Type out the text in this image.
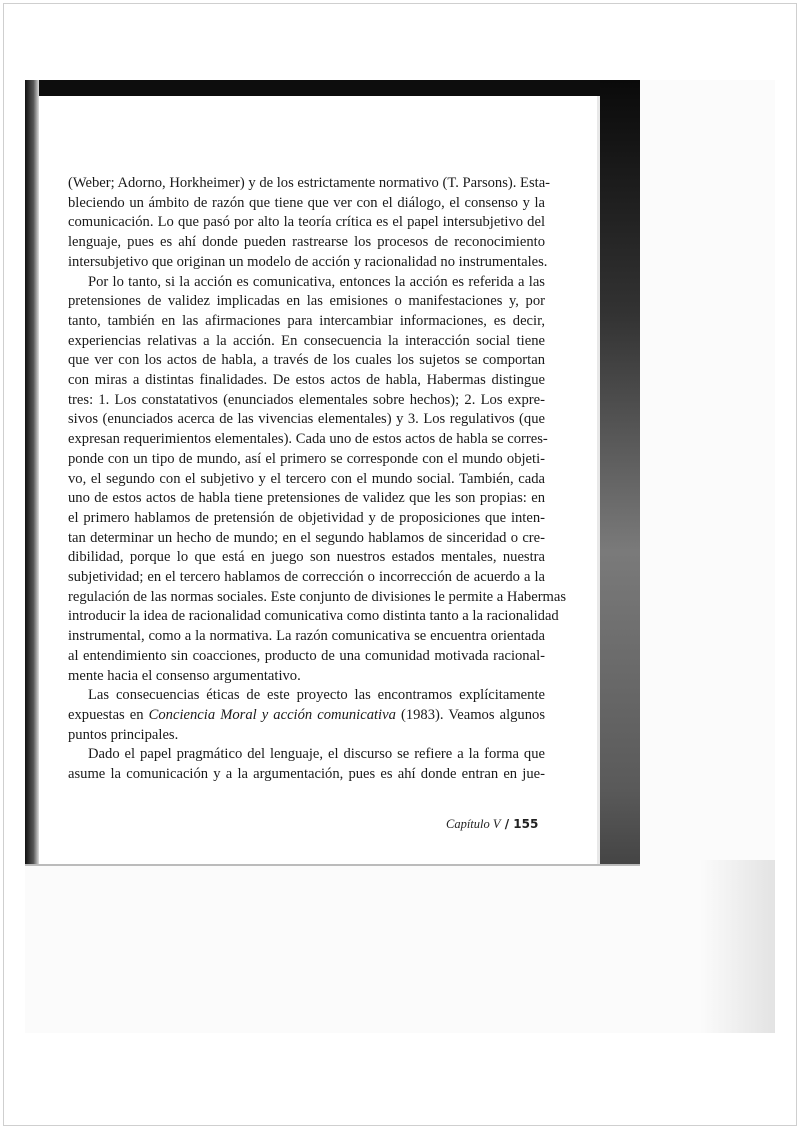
(Weber; Adorno, Horkheimer) y de los estrictamente normativo (T. Parsons). Esta-
bleciendo un ámbito de razón que tiene que ver con el diálogo, el consenso y la
comunicación. Lo que pasó por alto la teoría crítica es el papel intersubjetivo del
lenguaje, pues es ahí donde pueden rastrearse los procesos de reconocimiento
intersubjetivo que originan un modelo de acción y racionalidad no instrumentales.
Por lo tanto, si la acción es comunicativa, entonces la acción es referida a las
pretensiones de validez implicadas en las emisiones o manifestaciones y, por
tanto, también en las afirmaciones para intercambiar informaciones, es decir,
experiencias relativas a la acción. En consecuencia la interacción social tiene
que ver con los actos de habla, a través de los cuales los sujetos se comportan
con miras a distintas finalidades. De estos actos de habla, Habermas distingue
tres: 1. Los constatativos (enunciados elementales sobre hechos); 2. Los expre-
sivos (enunciados acerca de las vivencias elementales) y 3. Los regulativos (que
expresan requerimientos elementales). Cada uno de estos actos de habla se corres-
ponde con un tipo de mundo, así el primero se corresponde con el mundo objeti-
vo, el segundo con el subjetivo y el tercero con el mundo social. También, cada
uno de estos actos de habla tiene pretensiones de validez que les son propias: en
el primero hablamos de pretensión de objetividad y de proposiciones que inten-
tan determinar un hecho de mundo; en el segundo hablamos de sinceridad o cre-
dibilidad, porque lo que está en juego son nuestros estados mentales, nuestra
subjetividad; en el tercero hablamos de corrección o incorrección de acuerdo a la
regulación de las normas sociales. Este conjunto de divisiones le permite a Habermas
introducir la idea de racionalidad comunicativa como distinta tanto a la racionalidad
instrumental, como a la normativa. La razón comunicativa se encuentra orientada
al entendimiento sin coacciones, producto de una comunidad motivada racional-
mente hacia el consenso argumentativo.
Las consecuencias éticas de este proyecto las encontramos explícitamente
expuestas en Conciencia Moral y acción comunicativa (1983). Veamos algunos
puntos principales.
Dado el papel pragmático del lenguaje, el discurso se refiere a la forma que
asume la comunicación y a la argumentación, pues es ahí donde entran en jue-
Capítulo V / 155
